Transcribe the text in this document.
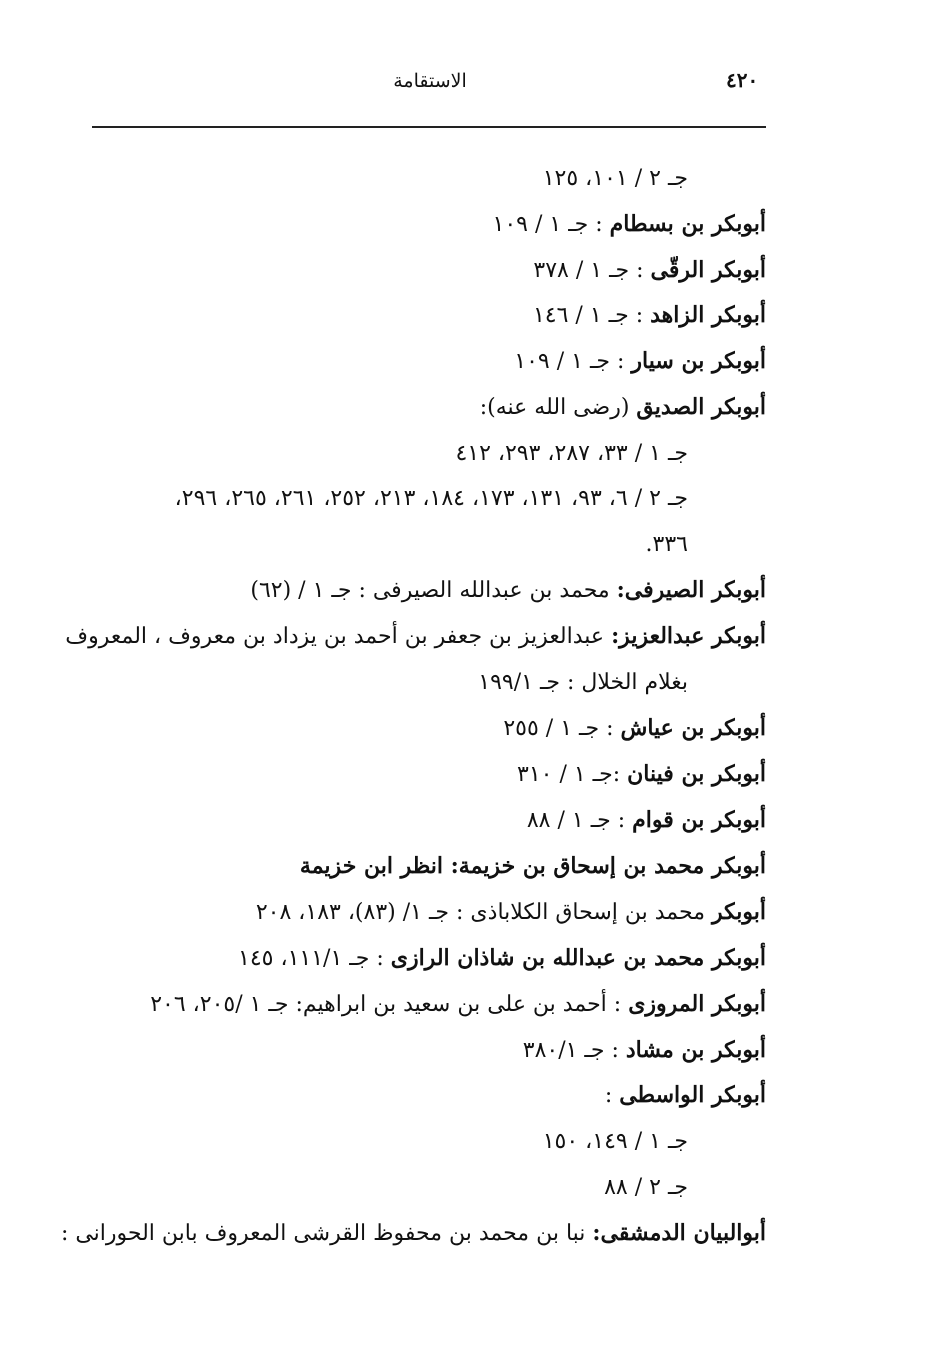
٤٢٠
الاستقامة
جـ ٢ / ١٠١، ١٢٥
أبوبكر بن بسطام : جـ ١ / ١٠٩
أبوبكر الرقّى : جـ ١ / ٣٧٨
أبوبكر الزاهد : جـ ١ / ١٤٦
أبوبكر بن سيار : جـ ١ / ١٠٩
أبوبكر الصديق (رضى الله عنه):
جـ ١ / ٣٣، ٢٨٧، ٢٩٣، ٤١٢
جـ ٢ / ٦، ٩٣، ١٣١، ١٧٣، ١٨٤، ٢١٣، ٢٥٢، ٢٦١، ٢٦٥، ٢٩٦،
٣٣٦.
أبوبكر الصيرفى: محمد بن عبدالله الصيرفى : جـ ١ / (٦٢)
أبوبكر عبدالعزيز: عبدالعزيز بن جعفر بن أحمد بن يزداد بن معروف ، المعروف
بغلام الخلال : جـ ١٩٩/١
أبوبكر بن عياش : جـ ١ / ٢٥٥
أبوبكر بن فينان :جـ ١ / ٣١٠
أبوبكر بن قوام : جـ ١ / ٨٨
أبوبكر محمد بن إسحاق بن خزيمة: انظر ابن خزيمة
أبوبكر محمد بن إسحاق الكلاباذى : جـ ١/ (٨٣)، ١٨٣، ٢٠٨
أبوبكر محمد بن عبدالله بن شاذان الرازى : جـ ١١١/١، ١٤٥
أبوبكر المروزى : أحمد بن على بن سعيد بن ابراهيم: جـ ١ /٢٠٥، ٢٠٦
أبوبكر بن مشاد : جـ ٣٨٠/١
أبوبكر الواسطى :
جـ ١ / ١٤٩، ١٥٠
جـ ٢ / ٨٨
أبوالبيان الدمشقى: نبا بن محمد بن محفوظ القرشى المعروف بابن الحورانى :
